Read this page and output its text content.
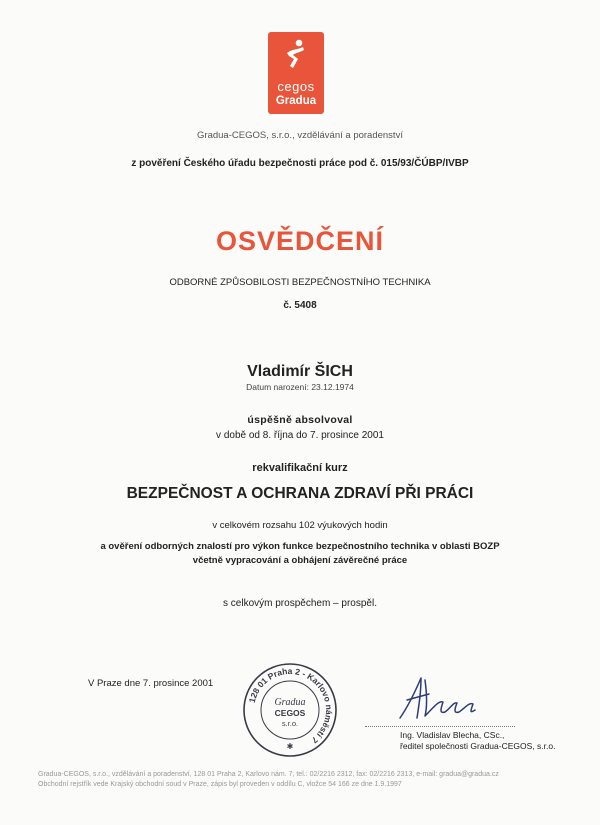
cegos
Gradua
Gradua-CEGOS, s.r.o., vzdělávání a poradenství
z pověření Českého úřadu bezpečnosti práce pod č. 015/93/ČÚBP/IVBP
OSVĚDČENÍ
ODBORNÉ ZPŮSOBILOSTI BEZPEČNOSTNÍHO TECHNIKA
č. 5408
Vladimír ŠICH
Datum narození: 23.12.1974
úspěšně absolvoval
v době od 8. října do 7. prosince 2001
rekvalifikační kurz
BEZPEČNOST A OCHRANA ZDRAVÍ PŘI PRÁCI
v celkovém rozsahu 102 výukových hodin
a ověření odborných znalostí pro výkon funkce bezpečnostního technika v oblasti BOZP
včetně vypracování a obhájení závěrečné práce
s celkovým prospěchem – prospěl.
V Praze dne 7. prosince 2001
128 01 Praha 2 - Karlovo náměstí 7
Gradua
CEGOS
s.r.o.
✱
Ing. Vladislav Blecha, CSc.,
ředitel společnosti Gradua-CEGOS, s.r.o.
Gradua-CEGOS, s.r.o., vzdělávání a poradenství, 128 01 Praha 2, Karlovo nám. 7, tel.: 02/2216 2312, fax: 02/2216 2313, e-mail: gradua@gradua.cz
Obchodní rejstřík vede Krajský obchodní soud v Praze, zápis byl proveden v oddílu C, vložce 54 166 ze dne 1.9.1997
